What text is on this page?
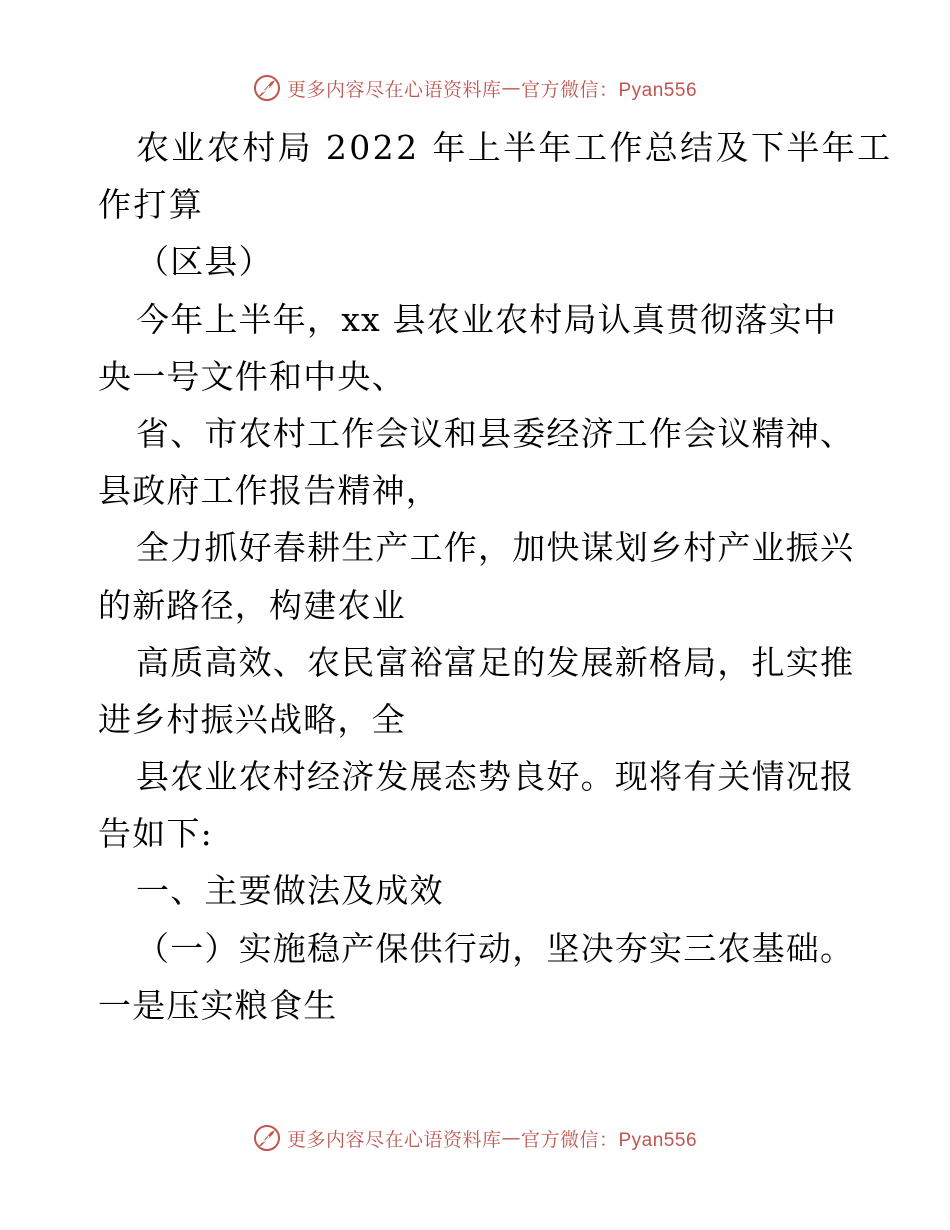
更多内容尽在心语资料库 — 官方微信：Pyan556
农业农村局 2022 年上半年工作总结及下半年工
作打算
（区县）
今年上半年，xx 县农业农村局认真贯彻落实中
央一号文件和中央、
省、市农村工作会议和县委经济工作会议精神、
县政府工作报告精神，
全力抓好春耕生产工作，加快谋划乡村产业振兴
的新路径，构建农业
高质高效、农民富裕富足的发展新格局，扎实推
进乡村振兴战略，全
县农业农村经济发展态势良好。现将有关情况报
告如下:
一、主要做法及成效
（一）实施稳产保供行动，坚决夯实三农基础。
一是压实粮食生
更多内容尽在心语资料库 — 官方微信：Pyan556
